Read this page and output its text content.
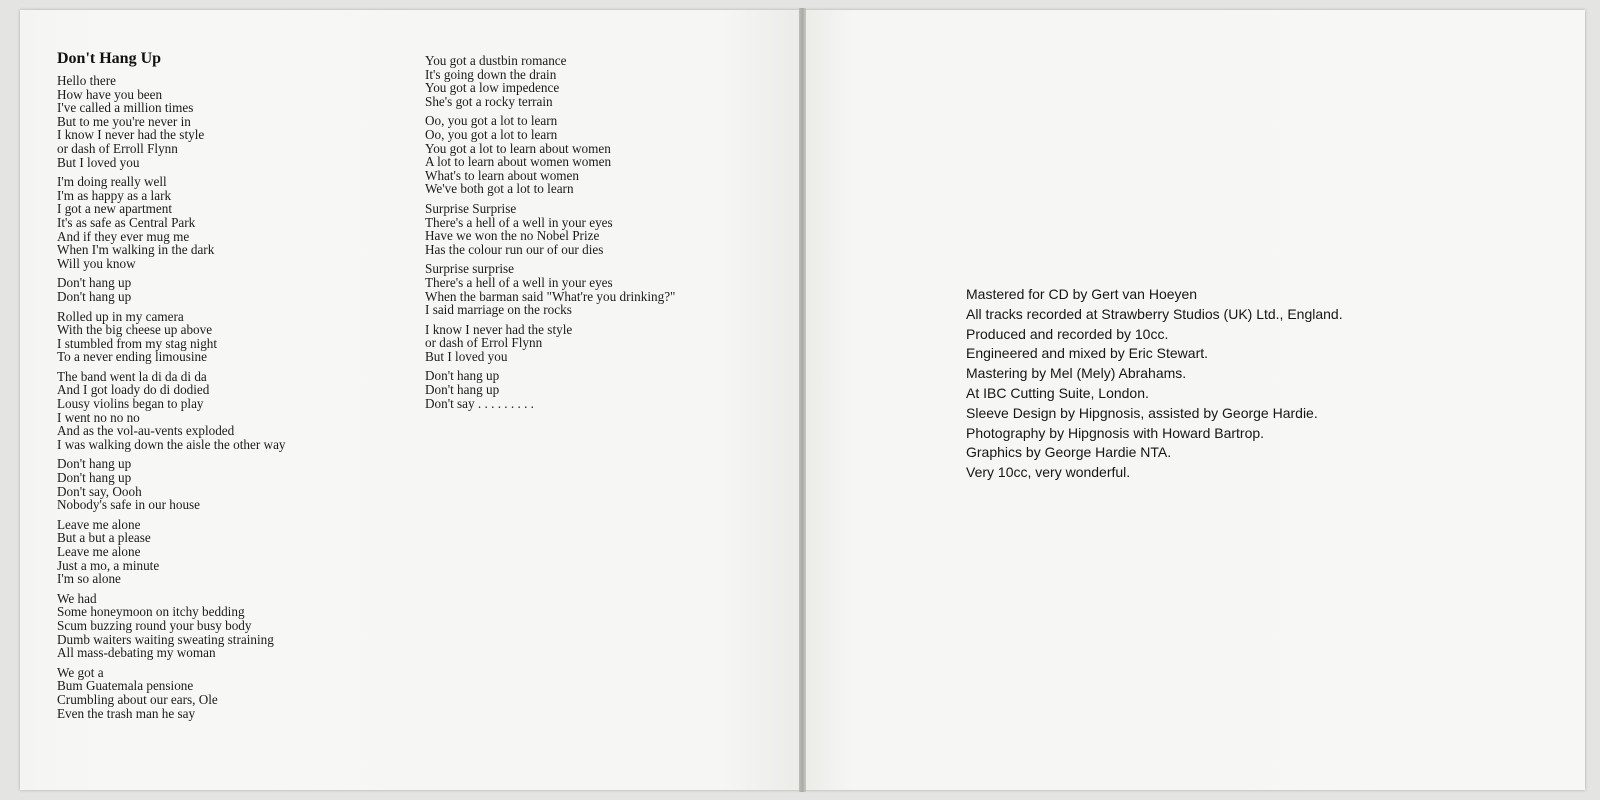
Don't Hang Up
Hello there
How have you been
I've called a million times
But to me you're never in
I know I never had the style
or dash of Erroll Flynn
But I loved you
I'm doing really well
I'm as happy as a lark
I got a new apartment
It's as safe as Central Park
And if they ever mug me
When I'm walking in the dark
Will you know
Don't hang up
Don't hang up
Rolled up in my camera
With the big cheese up above
I stumbled from my stag night
To a never ending limousine
The band went la di da di da
And I got loady do di dodied
Lousy violins began to play
I went no no no
And as the vol-au-vents exploded
I was walking down the aisle the other way
Don't hang up
Don't hang up
Don't say, Oooh
Nobody's safe in our house
Leave me alone
But a but a please
Leave me alone
Just a mo, a minute
I'm so alone
We had
Some honeymoon on itchy bedding
Scum buzzing round your busy body
Dumb waiters waiting sweating straining
All mass-debating my woman
We got a
Bum Guatemala pensione
Crumbling about our ears, Ole
Even the trash man he say
You got a dustbin romance
It's going down the drain
You got a low impedence
She's got a rocky terrain
Oo, you got a lot to learn
Oo, you got a lot to learn
You got a lot to learn about women
A lot to learn about women women
What's to learn about women
We've both got a lot to learn
Surprise Surprise
There's a hell of a well in your eyes
Have we won the no Nobel Prize
Has the colour run our of our dies
Surprise surprise
There's a hell of a well in your eyes
When the barman said "What're you drinking?"
I said marriage on the rocks
I know I never had the style
or dash of Errol Flynn
But I loved you
Don't hang up
Don't hang up
Don't say . . . . . . . . .
Mastered for CD by Gert van Hoeyen
All tracks recorded at Strawberry Studios (UK) Ltd., England.
Produced and recorded by 10cc.
Engineered and mixed by Eric Stewart.
Mastering by Mel (Mely) Abrahams.
At IBC Cutting Suite, London.
Sleeve Design by Hipgnosis, assisted by George Hardie.
Photography by Hipgnosis with Howard Bartrop.
Graphics by George Hardie NTA.
Very 10cc, very wonderful.
